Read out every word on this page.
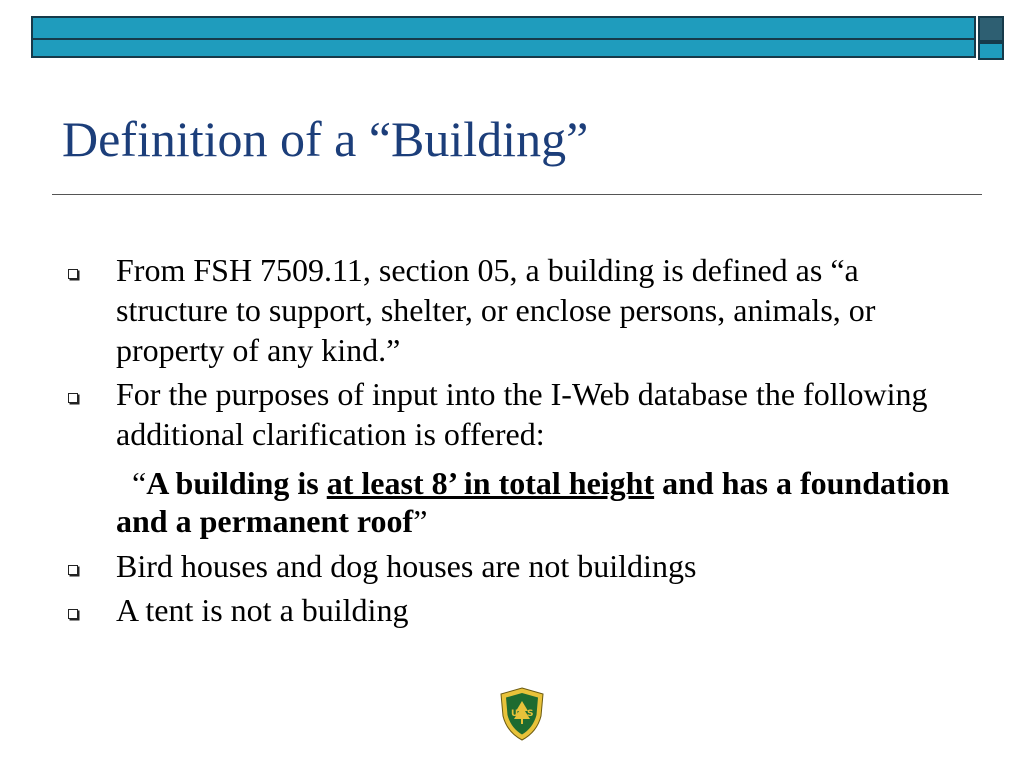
Definition of a “Building”
From FSH 7509.11, section 05, a building is defined as “a structure to support, shelter, or enclose persons, animals, or property of any kind.”
For the purposes of input into the I-Web database the following additional clarification is offered:
“A building is at least 8’ in total height and has a foundation and a permanent roof”
Bird houses and dog houses are not buildings
A tent is not a building
U S
